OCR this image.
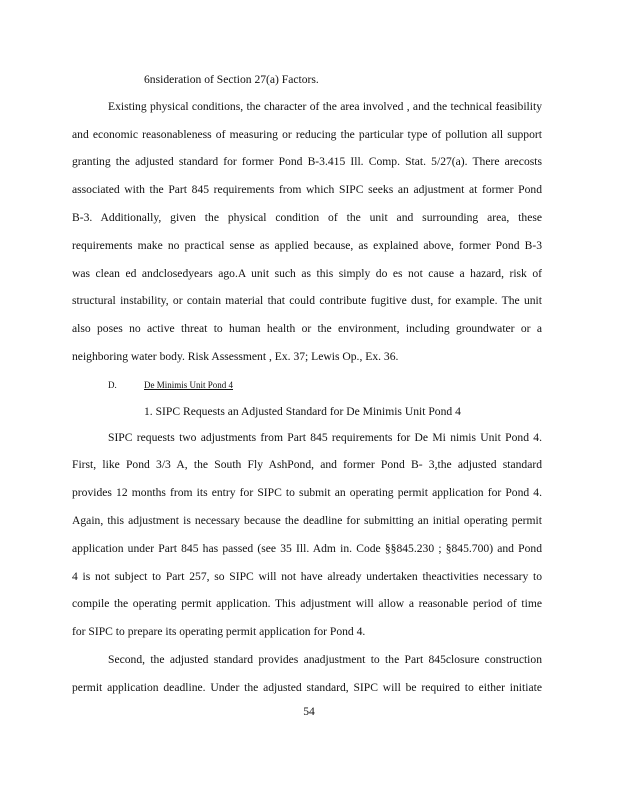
6nsideration of Section 27(a) Factors.
Existing physical conditions, the character of the area involved , and the technical feasibility
and economic reasonableness of measuring or reducing the particular type of pollution all support
granting the adjusted standard for former Pond B-3.415 Ill. Comp. Stat. 5/27(a). There arecosts
associated with the Part 845 requirements from which SIPC seeks an adjustment at former Pond
B-3. Additionally, given the physical condition of the unit and surrounding area, these
requirements make no practical sense as applied because, as explained above, former Pond B-3
was clean ed andclosedyears ago.A unit such as this simply do es not cause a hazard, risk of
structural instability, or contain material that could contribute fugitive dust, for example. The unit
also poses no active threat to human health or the environment, including groundwater or a
neighboring water body. Risk Assessment , Ex. 37; Lewis Op., Ex. 36.
D.	De Minimis Unit Pond 4
1. SIPC Requests an Adjusted Standard for De Minimis Unit Pond 4
SIPC requests two adjustments from Part 845 requirements for De Mi nimis Unit Pond 4.
First, like Pond 3/3 A, the South Fly AshPond, and former Pond B- 3,the adjusted standard
provides 12 months from its entry for SIPC to submit an operating permit application for Pond 4.
Again, this adjustment is necessary because the deadline for submitting an initial operating permit
application under Part 845 has passed (see 35 Ill. Adm in. Code §§845.230 ; §845.700) and Pond
4 is not subject to Part 257, so SIPC will not have already undertaken theactivities necessary to
compile the operating permit application. This adjustment will allow a reasonable period of time
for SIPC to prepare its operating permit application for Pond 4.
Second, the adjusted standard provides anadjustment to the Part 845closure construction
permit application deadline. Under the adjusted standard, SIPC will be required to either initiate
54
